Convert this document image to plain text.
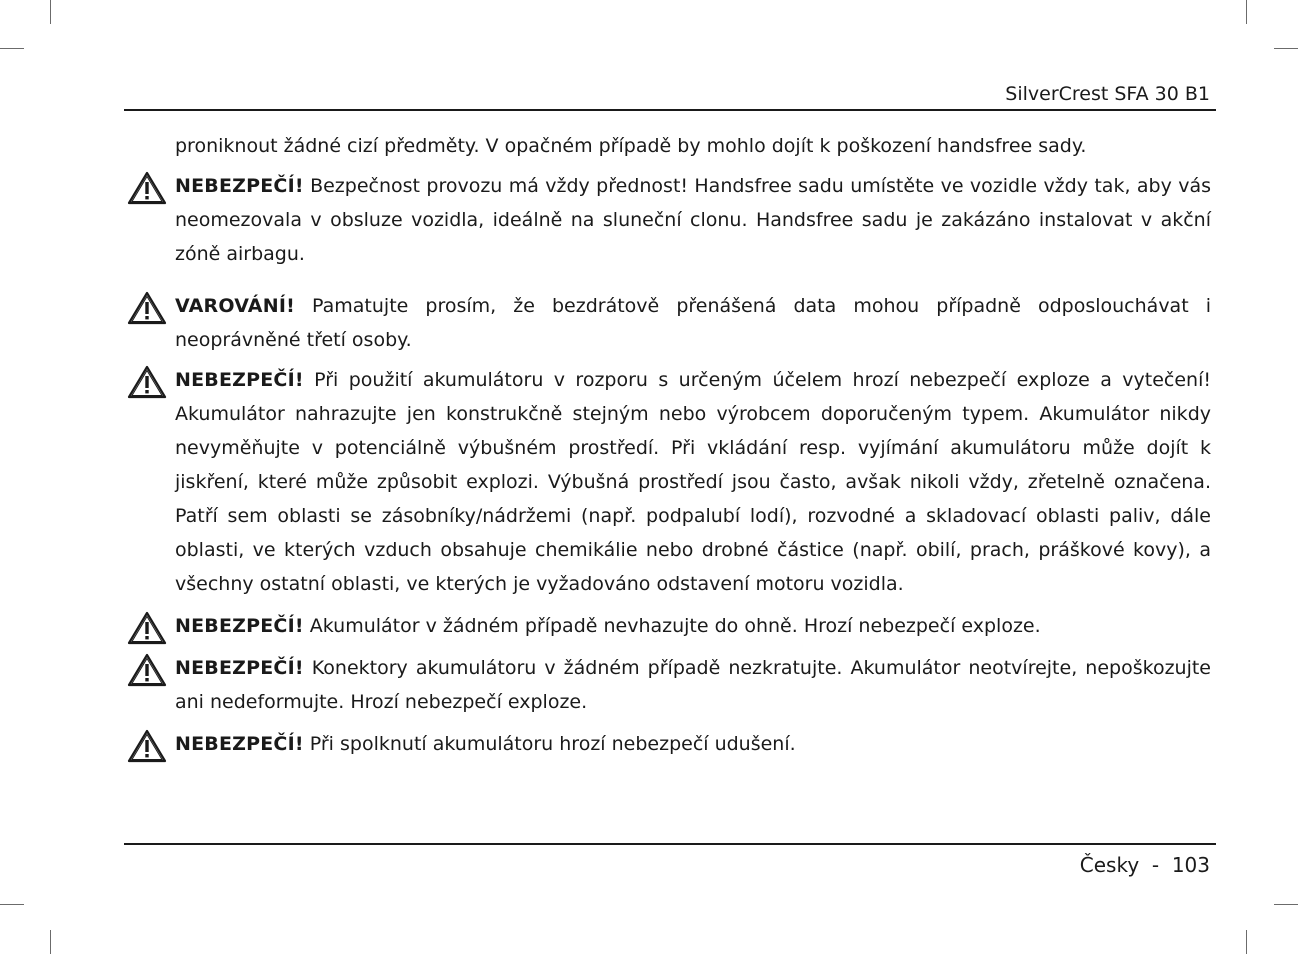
SilverCrest SFA 30 B1

proniknout žádné cizí předměty. V opačném případě by mohlo dojít k poškození handsfree sady.

NEBEZPEČÍ! Bezpečnost provozu má vždy přednost! Handsfree sadu umístěte ve vozidle vždy tak, aby vás neomezovala v obsluze vozidla, ideálně na sluneční clonu. Handsfree sadu je zakázáno instalovat v akční zóně airbagu.

VAROVÁNÍ! Pamatujte prosím, že bezdrátově přenášená data mohou případně odposlouchávat i neoprávněné třetí osoby.

NEBEZPEČÍ! Při použití akumulátoru v rozporu s určeným účelem hrozí nebezpečí exploze a vytečení! Akumulátor nahrazujte jen konstrukčně stejným nebo výrobcem doporučeným typem. Akumulátor nikdy nevyměňujte v potenciálně výbušném prostředí. Při vkládání resp. vyjímání akumulátoru může dojít k jiskření, které může způsobit explozi. Výbušná prostředí jsou často, avšak nikoli vždy, zřetelně označena. Patří sem oblasti se zásobníky/nádržemi (např. podpalubí lodí), rozvodné a skladovací oblasti paliv, dále oblasti, ve kterých vzduch obsahuje chemikálie nebo drobné částice (např. obilí, prach, práškové kovy), a všechny ostatní oblasti, ve kterých je vyžadováno odstavení motoru vozidla.

NEBEZPEČÍ! Akumulátor v žádném případě nevhazujte do ohně. Hrozí nebezpečí exploze.

NEBEZPEČÍ! Konektory akumulátoru v žádném případě nezkratujte. Akumulátor neotvírejte, nepoškozujte ani nedeformujte. Hrozí nebezpečí exploze.

NEBEZPEČÍ! Při spolknutí akumulátoru hrozí nebezpečí udušení.

Česky  -  103
